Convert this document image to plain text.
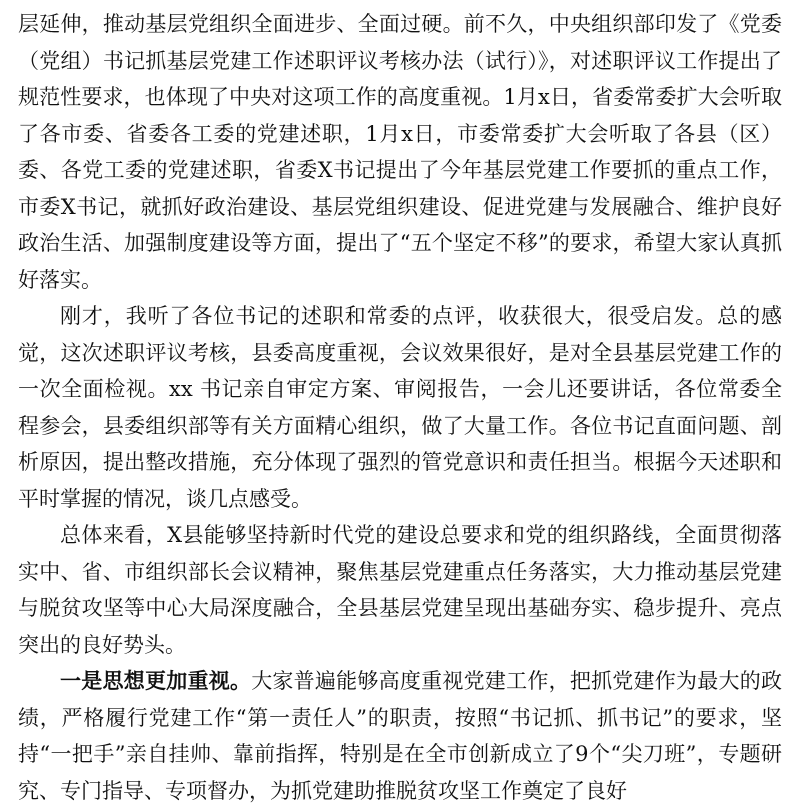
层延伸，推动基层党组织全面进步、全面过硬。前不久，中央组织部印发了《党委（党组）书记抓基层党建工作述职评议考核办法（试行）》，对述职评议工作提出了规范性要求，也体现了中央对这项工作的高度重视。1月x日，省委常委扩大会听取了各市委、省委各工委的党建述职，1月x日，市委常委扩大会听取了各县（区）委、各党工委的党建述职，省委X书记提出了今年基层党建工作要抓的重点工作，市委X书记，就抓好政治建设、基层党组织建设、促进党建与发展融合、维护良好政治生活、加强制度建设等方面，提出了“五个坚定不移”的要求，希望大家认真抓好落实。

刚才，我听了各位书记的述职和常委的点评，收获很大，很受启发。总的感觉，这次述职评议考核，县委高度重视，会议效果很好，是对全县基层党建工作的一次全面检视。xx 书记亲自审定方案、审阅报告，一会儿还要讲话，各位常委全程参会，县委组织部等有关方面精心组织，做了大量工作。各位书记直面问题、剖析原因，提出整改措施，充分体现了强烈的管党意识和责任担当。根据今天述职和平时掌握的情况，谈几点感受。

总体来看，X县能够坚持新时代党的建设总要求和党的组织路线，全面贯彻落实中、省、市组织部长会议精神，聚焦基层党建重点任务落实，大力推动基层党建与脱贫攻坚等中心大局深度融合，全县基层党建呈现出基础夯实、稳步提升、亮点突出的良好势头。

一是思想更加重视。大家普遍能够高度重视党建工作，把抓党建作为最大的政绩，严格履行党建工作“第一责任人”的职责，按照“书记抓、抓书记”的要求，坚持“一把手”亲自挂帅、靠前指挥，特别是在全市创新成立了9个“尖刀班”，专题研究、专门指导、专项督办，为抓党建助推脱贫攻坚工作奠定了良好
